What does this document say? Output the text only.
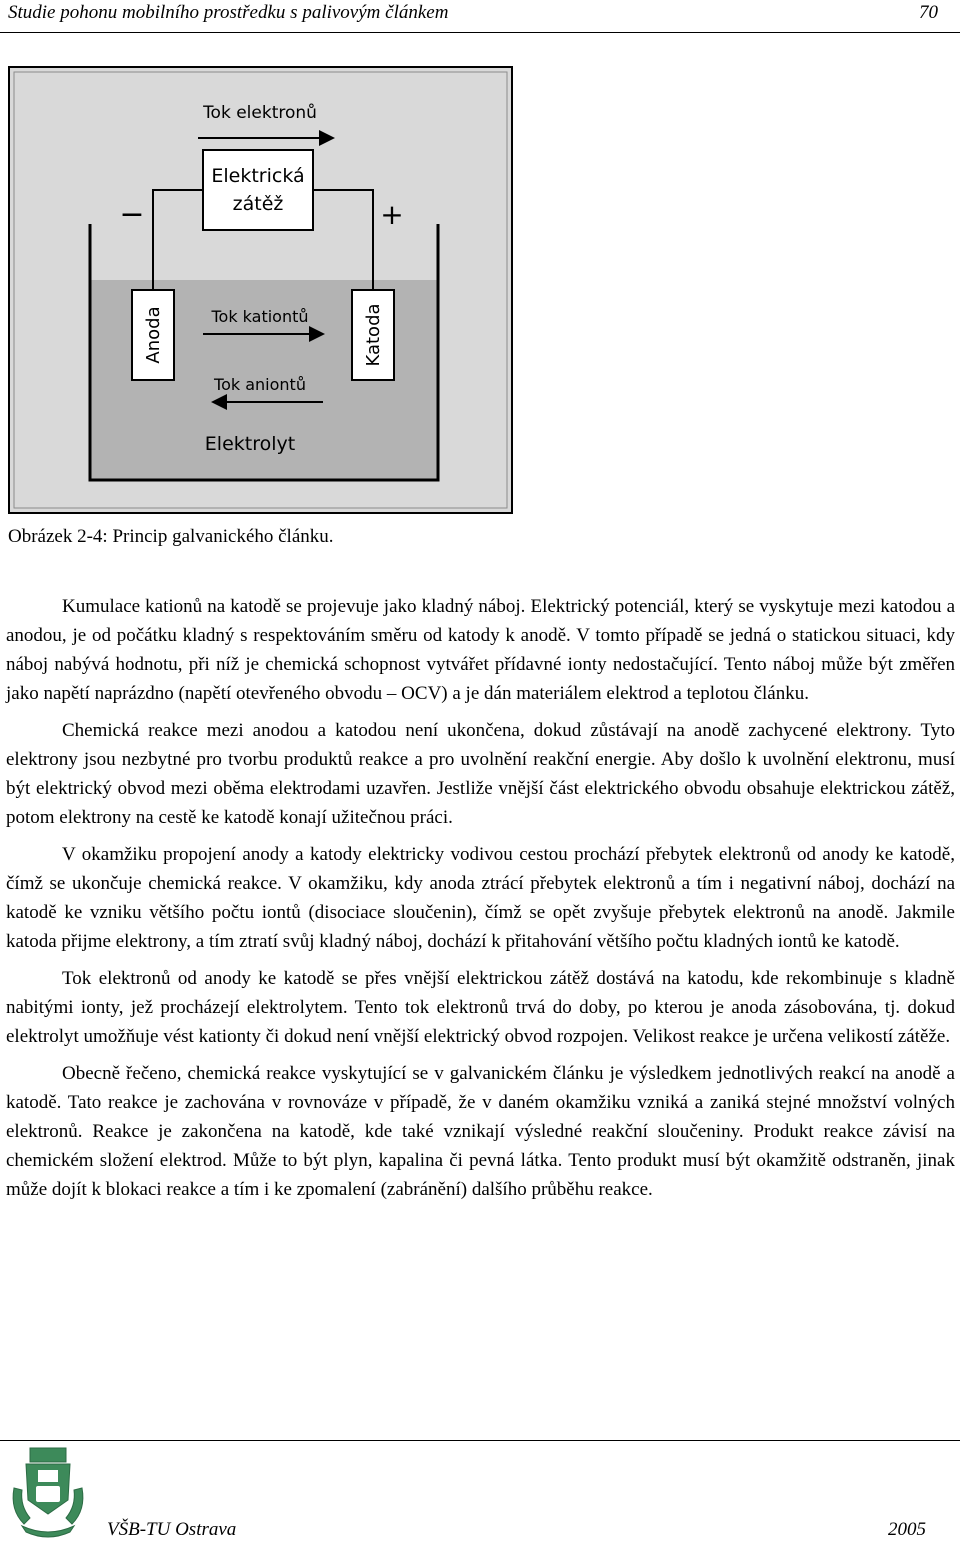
Studie pohonu mobilního prostředku s palivovým článkem	70
Tok elektronů
Elektrická
zátěž
−	+
Anoda	Katoda
Tok kationtů
Tok aniontů
Elektrolyt
Obrázek 2-4: Princip galvanického článku.

Kumulace kationů na katodě se projevuje jako kladný náboj. Elektrický potenciál, který se vyskytuje mezi katodou a anodou, je od počátku kladný s respektováním směru od katody k anodě. V tomto případě se jedná o statickou situaci, kdy náboj nabývá hodnotu, při níž je chemická schopnost vytvářet přídavné ionty nedostačující. Tento náboj může být změřen jako napětí naprázdno (napětí otevřeného obvodu – OCV) a je dán materiálem elektrod a teplotou článku.

Chemická reakce mezi anodou a katodou není ukončena, dokud zůstávají na anodě zachycené elektrony. Tyto elektrony jsou nezbytné pro tvorbu produktů reakce a pro uvolnění reakční energie. Aby došlo k uvolnění elektronu, musí být elektrický obvod mezi oběma elektrodami uzavřen. Jestliže vnější část elektrického obvodu obsahuje elektrickou zátěž, potom elektrony na cestě ke katodě konají užitečnou práci.

V okamžiku propojení anody a katody elektricky vodivou cestou prochází přebytek elektronů od anody ke katodě, čímž se ukončuje chemická reakce. V okamžiku, kdy anoda ztrácí přebytek elektronů a tím i negativní náboj, dochází na katodě ke vzniku většího počtu iontů (disociace sloučenin), čímž se opět zvyšuje přebytek elektronů na anodě. Jakmile katoda přijme elektrony, a tím ztratí svůj kladný náboj, dochází k přitahování většího počtu kladných iontů ke katodě.

Tok elektronů od anody ke katodě se přes vnější elektrickou zátěž dostává na katodu, kde rekombinuje s kladně nabitými ionty, jež procházejí elektrolytem. Tento tok elektronů trvá do doby, po kterou je anoda zásobována, tj. dokud elektrolyt umožňuje vést kationty či dokud není vnější elektrický obvod rozpojen. Velikost reakce je určena velikostí zátěže.

Obecně řečeno, chemická reakce vyskytující se v galvanickém článku je výsledkem jednotlivých reakcí na anodě a katodě. Tato reakce je zachována v rovnováze v případě, že v daném okamžiku vzniká a zaniká stejné množství volných elektronů. Reakce je zakončena na katodě, kde také vznikají výsledné reakční sloučeniny. Produkt reakce závisí na chemickém složení elektrod. Může to být plyn, kapalina či pevná látka. Tento produkt musí být okamžitě odstraněn, jinak může dojít k blokaci reakce a tím i ke zpomalení (zabránění) dalšího průběhu reakce.

VŠB-TU Ostrava	2005
